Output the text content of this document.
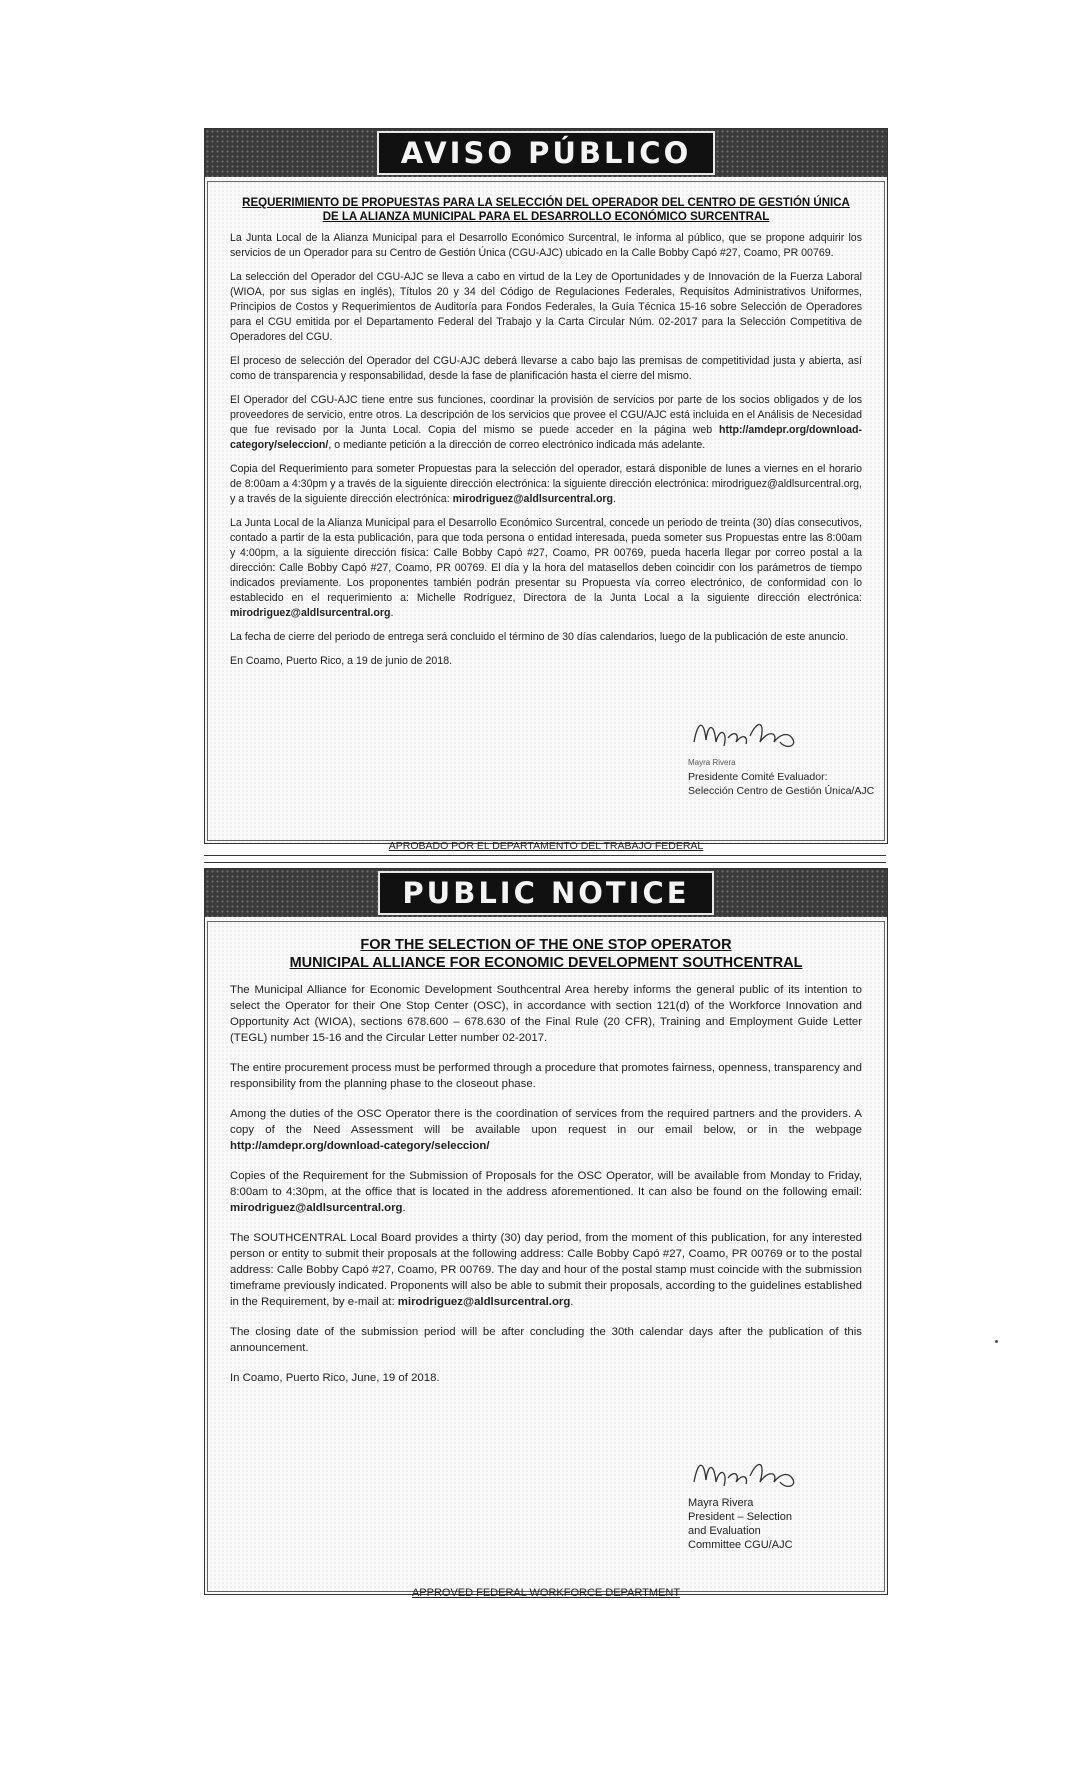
AVISO PÚBLICO
REQUERIMIENTO DE PROPUESTAS PARA LA SELECCIÓN DEL OPERADOR DEL CENTRO DE GESTIÓN ÚNICA
DE LA ALIANZA MUNICIPAL PARA EL DESARROLLO ECONÓMICO SURCENTRAL

La Junta Local de la Alianza Municipal para el Desarrollo Económico Surcentral, le informa al público, que se propone adquirir los servicios de un Operador para su Centro de Gestión Única (CGU-AJC) ubicado en la Calle Bobby Capó #27, Coamo, PR 00769.

La selección del Operador del CGU-AJC se lleva a cabo en virtud de la Ley de Oportunidades y de Innovación de la Fuerza Laboral (WIOA, por sus siglas en inglés), Títulos 20 y 34 del Código de Regulaciones Federales, Requisitos Administrativos Uniformes, Principios de Costos y Requerimientos de Auditoría para Fondos Federales, la Guía Técnica 15-16 sobre Selección de Operadores para el CGU emitida por el Departamento Federal del Trabajo y la Carta Circular Núm. 02-2017 para la Selección Competitiva de Operadores del CGU.

El proceso de selección del Operador del CGU-AJC deberá llevarse a cabo bajo las premisas de competitividad justa y abierta, así como de transparencia y responsabilidad, desde la fase de planificación hasta el cierre del mismo.

El Operador del CGU-AJC tiene entre sus funciones, coordinar la provisión de servicios por parte de los socios obligados y de los proveedores de servicio, entre otros. La descripción de los servicios que provee el CGU/AJC está incluida en el Análisis de Necesidad que fue revisado por la Junta Local. Copia del mismo se puede acceder en la página web http://amdepr.org/download-category/seleccion/, o mediante petición a la dirección de correo electrónico indicada más adelante.

Copia del Requerimiento para someter Propuestas para la selección del operador, estará disponible de lunes a viernes en el horario de 8:00am a 4:30pm y a través de la siguiente dirección electrónica: la siguiente dirección electrónica: mirodriguez@aldlsurcentral.org, y a través de la siguiente dirección electrónica: mirodriguez@aldlsurcentral.org.

La Junta Local de la Alianza Municipal para el Desarrollo Económico Surcentral, concede un periodo de treinta (30) días consecutivos, contado a partir de la esta publicación, para que toda persona o entidad interesada, pueda someter sus Propuestas entre las 8:00am y 4:00pm, a la siguiente dirección física: Calle Bobby Capó #27, Coamo, PR 00769, pueda hacerla llegar por correo postal a la dirección: Calle Bobby Capó #27, Coamo, PR 00769. El día y la hora del matasellos deben coincidir con los parámetros de tiempo indicados previamente. Los proponentes también podrán presentar su Propuesta vía correo electrónico, de conformidad con lo establecido en el requerimiento a: Michelle Rodríguez, Directora de la Junta Local a la siguiente dirección electrónica: mirodriguez@aldlsurcentral.org.

La fecha de cierre del periodo de entrega será concluido el término de 30 días calendarios, luego de la publicación de este anuncio.

En Coamo, Puerto Rico, a 19 de junio de 2018.

Mayra Rivera
Presidente Comité Evaluador:
Selección Centro de Gestión Única/AJC
APROBADO POR EL DEPARTAMENTO DEL TRABAJO FEDERAL
PUBLIC NOTICE
FOR THE SELECTION OF THE ONE STOP OPERATOR
MUNICIPAL ALLIANCE FOR ECONOMIC DEVELOPMENT SOUTHCENTRAL

The Municipal Alliance for Economic Development Southcentral Area hereby informs the general public of its intention to select the Operator for their One Stop Center (OSC), in accordance with section 121(d) of the Workforce Innovation and Opportunity Act (WIOA), sections 678.600 – 678.630 of the Final Rule (20 CFR), Training and Employment Guide Letter (TEGL) number 15-16 and the Circular Letter number 02-2017.

The entire procurement process must be performed through a procedure that promotes fairness, openness, transparency and responsibility from the planning phase to the closeout phase.

Among the duties of the OSC Operator there is the coordination of services from the required partners and the providers. A copy of the Need Assessment will be available upon request in our email below, or in the webpage http://amdepr.org/download-category/seleccion/

Copies of the Requirement for the Submission of Proposals for the OSC Operator, will be available from Monday to Friday, 8:00am to 4:30pm, at the office that is located in the address aforementioned. It can also be found on the following email: mirodriguez@aldlsurcentral.org.

The SOUTHCENTRAL Local Board provides a thirty (30) day period, from the moment of this publication, for any interested person or entity to submit their proposals at the following address: Calle Bobby Capó #27, Coamo, PR 00769 or to the postal address: Calle Bobby Capó #27, Coamo, PR 00769. The day and hour of the postal stamp must coincide with the submission timeframe previously indicated. Proponents will also be able to submit their proposals, according to the guidelines established in the Requirement, by e-mail at: mirodriguez@aldlsurcentral.org.

The closing date of the submission period will be after concluding the 30th calendar days after the publication of this announcement.

In Coamo, Puerto Rico, June, 19 of 2018.

Mayra Rivera
President – Selection
and Evaluation
Committee CGU/AJC
APPROVED FEDERAL WORKFORCE DEPARTMENT
